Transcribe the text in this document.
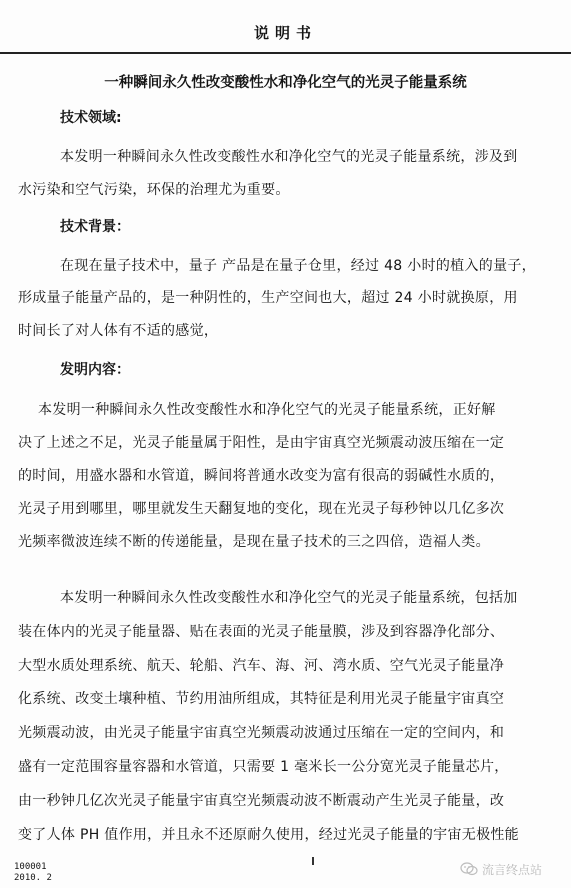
说明书
一种瞬间永久性改变酸性水和净化空气的光灵子能量系统
技术领域:
本发明一种瞬间永久性改变酸性水和净化空气的光灵子能量系统，涉及到
水污染和空气污染，环保的治理尤为重要。
技术背景：
在现在量子技术中，量子 产品是在量子仓里，经过 48 小时的植入的量子，
形成量子能量产品的，是一种阴性的，生产空间也大，超过 24 小时就换原，用
时间长了对人体有不适的感觉，
发明内容：
本发明一种瞬间永久性改变酸性水和净化空气的光灵子能量系统，正好解
决了上述之不足，光灵子能量属于阳性，是由宇宙真空光频震动波压缩在一定
的时间，用盛水器和水管道，瞬间将普通水改变为富有很高的弱碱性水质的，
光灵子用到哪里，哪里就发生天翻复地的变化，现在光灵子每秒钟以几亿多次
光频率微波连续不断的传递能量，是现在量子技术的三之四倍，造福人类。
本发明一种瞬间永久性改变酸性水和净化空气的光灵子能量系统，包括加
装在体内的光灵子能量器、贴在表面的光灵子能量膜，涉及到容器净化部分、
大型水质处理系统、航天、轮船、汽车、海、河、湾水质、空气光灵子能量净
化系统、改变土壤种植、节约用油所组成，其特征是利用光灵子能量宇宙真空
光频震动波，由光灵子能量宇宙真空光频震动波通过压缩在一定的空间内，和
盛有一定范围容量容器和水管道，只需要 1 毫米长一公分宽光灵子能量芯片，
由一秒钟几亿次光灵子能量宇宙真空光频震动波不断震动产生光灵子能量，改
变了人体 PH 值作用，并且永不还原耐久使用，经过光灵子能量的宇宙无极性能
100001
2010. 2
流言终点站
